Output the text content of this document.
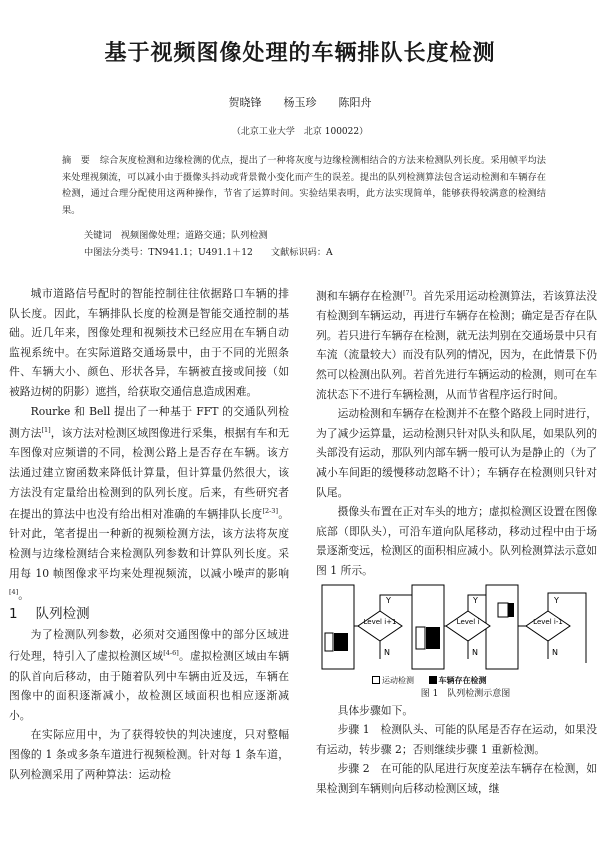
基于视频图像处理的车辆排队长度检测
贺晓锋　　杨玉珍　　陈阳舟
（北京工业大学　北京 100022）
摘　要 综合灰度检测和边缘检测的优点，提出了一种将灰度与边缘检测相结合的方法来检测队列长度。采用帧平均法来处理视频流，可以减小由于摄像头抖动或背景微小变化而产生的误差。提出的队列检测算法包含运动检测和车辆存在检测，通过合理分配使用这两种操作，节省了运算时间。实验结果表明，此方法实现简单，能够获得较满意的检测结果。
关键词　 视频图像处理；道路交通；队列检测
中图法分类号：TN941.1；U491.1＋12 文献标识码：A

城市道路信号配时的智能控制往往依据路口车辆的排队长度。因此，车辆排队长度的检测是智能交通控制的基础。近几年来，图像处理和视频技术已经应用在车辆自动监视系统中。在实际道路交通场景中，由于不同的光照条件、车辆大小、颜色、形状各异，车辆被直接或间接（如被路边树的阴影）遮挡，给获取交通信息造成困难。

Rourke 和 Bell 提出了一种基于 FFT 的交通队列检测方法[1]，该方法对检测区域图像进行采集，根据有车和无车图像对应频谱的不同，检测公路上是否存在车辆。该方法通过建立窗函数来降低计算量，但计算量仍然很大，该方法没有定量给出检测到的队列长度。后来，有些研究者在提出的算法中也没有给出相对准确的车辆排队长度[2-3]。针对此，笔者提出一种新的视频检测方法，该方法将灰度检测与边缘检测结合来检测队列参数和计算队列长度。采用每 10 帧图像求平均来处理视频流，以减小噪声的影响[4]。

1 队列检测

为了检测队列参数，必须对交通图像中的部分区域进行处理，特引入了虚拟检测区域[4-6]。虚拟检测区域由车辆的队首向后移动，由于随着队列中车辆由近及远，车辆在图像中的面积逐渐减小，故检测区域面积也相应逐渐减小。

在实际应用中，为了获得较快的判决速度，只对整幅图像的 1 条或多条车道进行视频检测。针对每 1 条车道，队列检测采用了两种算法：运动检

测和车辆存在检测[7]。首先采用运动检测算法，若该算法没有检测到车辆运动，再进行车辆存在检测；确定是否存在队列。若只进行车辆存在检测，就无法判别在交通场景中只有车流（流量较大）而没有队列的情况，因为，在此情景下仍然可以检测出队列。若首先进行车辆运动的检测，则可在车流状态下不进行车辆检测，从而节省程序运行时间。

运动检测和车辆存在检测并不在整个路段上同时进行，为了减少运算量，运动检测只针对队头和队尾，如果队列的头部没有运动，那队列内部车辆一般可认为是静止的（为了减小车间距的缓慢移动忽略不计）；车辆存在检测则只针对队尾。

摄像头布置在正对车头的地方；虚拟检测区设置在图像底部（即队头），可沿车道向队尾移动，移动过程中由于场景逐渐变远，检测区的面积相应减小。队列检测算法示意如图 1 所示。

Level i+1	Level i	Level i-1
Y	Y	Y
N	N	N
运动检测	车辆存在检测

图 1　队列检测示意图

具体步骤如下。

步骤 1　检测队头、可能的队尾是否存在运动，如果没有运动，转步骤 2；否则继续步骤 1 重新检测。

步骤 2　在可能的队尾进行灰度差法车辆存在检测，如果检测到车辆则向后移动检测区域，继
